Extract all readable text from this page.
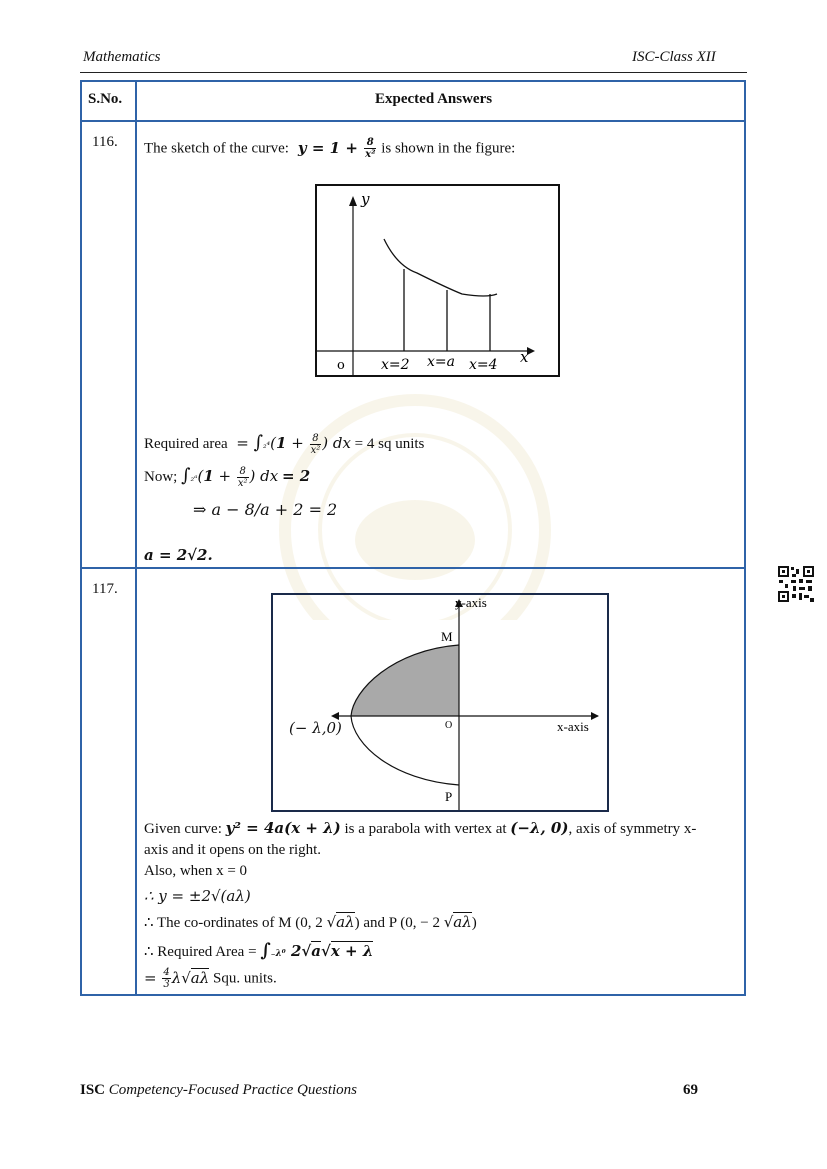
Mathematics	ISC-Class XII
S.No.	Expected Answers
116. The sketch of the curve:  $y = 1 + \frac{8}{\text{x²}}$ is shown in the figure:
y
x
o	x=2 x=a x=4
Required area  = $\int_2^4(1 + \frac{8}{\text{x²}}$ ) dx = 4 sq units
Now; ∫₂ᵃ(1 + $\frac{8}{\text{x²}}$ ) dx = 2
⇒ a − 8/a + 2 = 2
a = 2√2.
117.
y-axis
x-axis
M
P
O
(− λ,0)
Given curve: y² = 4a(x + λ) is a parabola with vertex at (−λ, 0), axis of symmetry x-
axis and it opens on the right.
Also, when x = 0
∴ y = ±2√(aλ)
∴ The co-ordinates of M (0, 2 √aλ) and P (0, − 2 √aλ)
∴ Required Area = ∫₋λ⁰ 2√a√x + λ
= $\frac{4}{3} \lambda√a\lambda$ Squ. units.
ISC Competency-Focused Practice Questions	69
